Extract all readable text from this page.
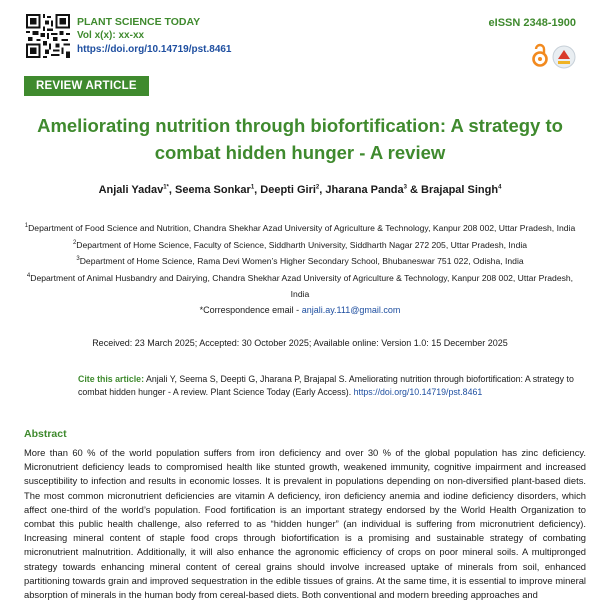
PLANT SCIENCE TODAY
Vol x(x): xx-xx
https://doi.org/10.14719/pst.8461
eISSN 2348-1900
REVIEW ARTICLE
Ameliorating nutrition through biofortification: A strategy to combat hidden hunger - A review
Anjali Yadav$^{1*}$, Seema Sonkar$^1$, Deepti Giri$^2$, Jharana Panda$^3$ & Brajapal Singh$^4$
$^1$Department of Food Science and Nutrition, Chandra Shekhar Azad University of Agriculture & Technology, Kanpur 208 002, Uttar Pradesh, India
$^2$Department of Home Science, Faculty of Science, Siddharth University, Siddharth Nagar 272 205, Uttar Pradesh, India
$^3$Department of Home Science, Rama Devi Women’s Higher Secondary School, Bhubaneswar 751 022, Odisha, India
$^4$Department of Animal Husbandry and Dairying, Chandra Shekhar Azad University of Agriculture & Technology, Kanpur 208 002, Uttar Pradesh, India
*Correspondence email - anjali.ay.111@gmail.com
Received: 23 March 2025; Accepted: 30 October 2025; Available online: Version 1.0: 15 December 2025
Cite this article: Anjali Y, Seema S, Deepti G, Jharana P, Brajapal S. Ameliorating nutrition through biofortification: A strategy to combat hidden hunger - A review. Plant Science Today (Early Access). https://doi.org/10.14719/pst.8461
Abstract
More than 60 % of the world population suffers from iron deficiency and over 30 % of the global population has zinc deficiency. Micronutrient deficiency leads to compromised health like stunted growth, weakened immunity, cognitive impairment and increased susceptibility to infection and results in economic losses. It is prevalent in populations depending on non-diversified plant-based diets. The most common micronutrient deficiencies are vitamin A deficiency, iron deficiency anemia and iodine deficiency disorders, which affect one-third of the world’s population. Food fortification is an important strategy endorsed by the World Health Organization to combat this public health challenge, also referred to as “hidden hunger” (an individual is suffering from micronutrient deficiency). Increasing mineral content of staple food crops through biofortification is a promising and sustainable strategy of combating micronutrient malnutrition. Additionally, it will also enhance the agronomic efficiency of crops on poor mineral soils. A multipronged strategy towards enhancing mineral content of cereal grains should involve increased uptake of minerals from soil, enhanced partitioning towards grain and improved sequestration in the edible tissues of grains. At the same time, it is essential to improve mineral absorption of minerals in the human body from cereal-based diets. Both conventional and modern breeding approaches and
